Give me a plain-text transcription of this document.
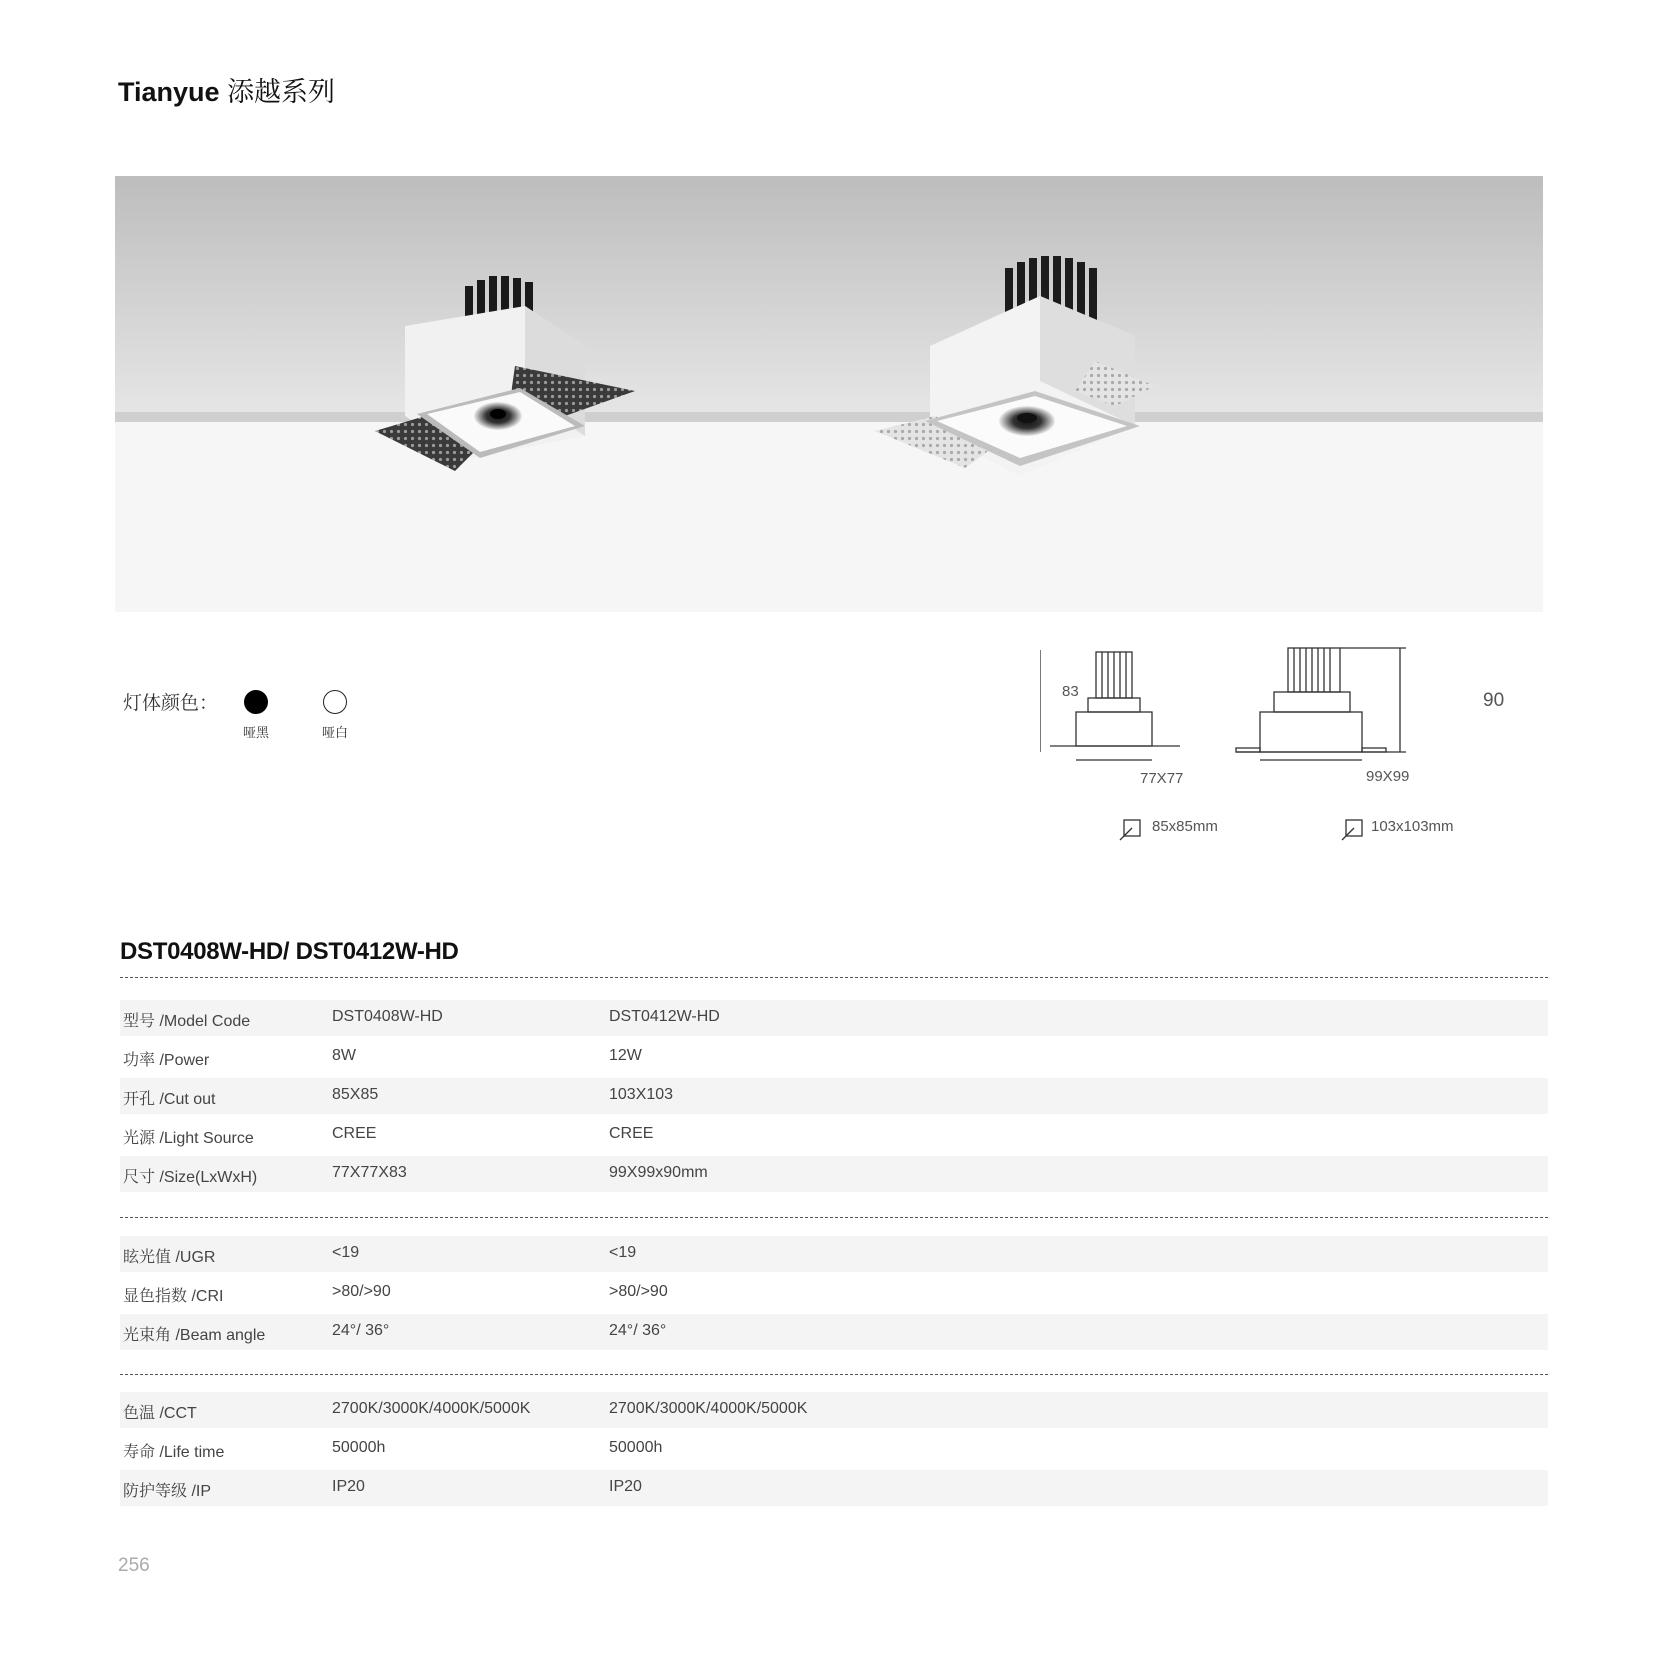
Tianyue 添越系列
灯体颜色：
哑黑	哑白
83
77X77
85x85mm
90
99X99
103x103mm
DST0408W-HD/ DST0412W-HD
型号 /Model Code	DST0408W-HD	DST0412W-HD
功率 /Power	8W	12W
开孔 /Cut out	85X85	103X103
光源 /Light Source	CREE	CREE
尺寸 /Size(LxWxH)	77X77X83	99X99x90mm
眩光值 /UGR	<19	<19
显色指数 /CRI	>80/>90	>80/>90
光束角 /Beam angle	24°/ 36°	24°/ 36°
色温 /CCT	2700K/3000K/4000K/5000K	2700K/3000K/4000K/5000K
寿命 /Life time	50000h	50000h
防护等级 /IP	IP20	IP20
256
